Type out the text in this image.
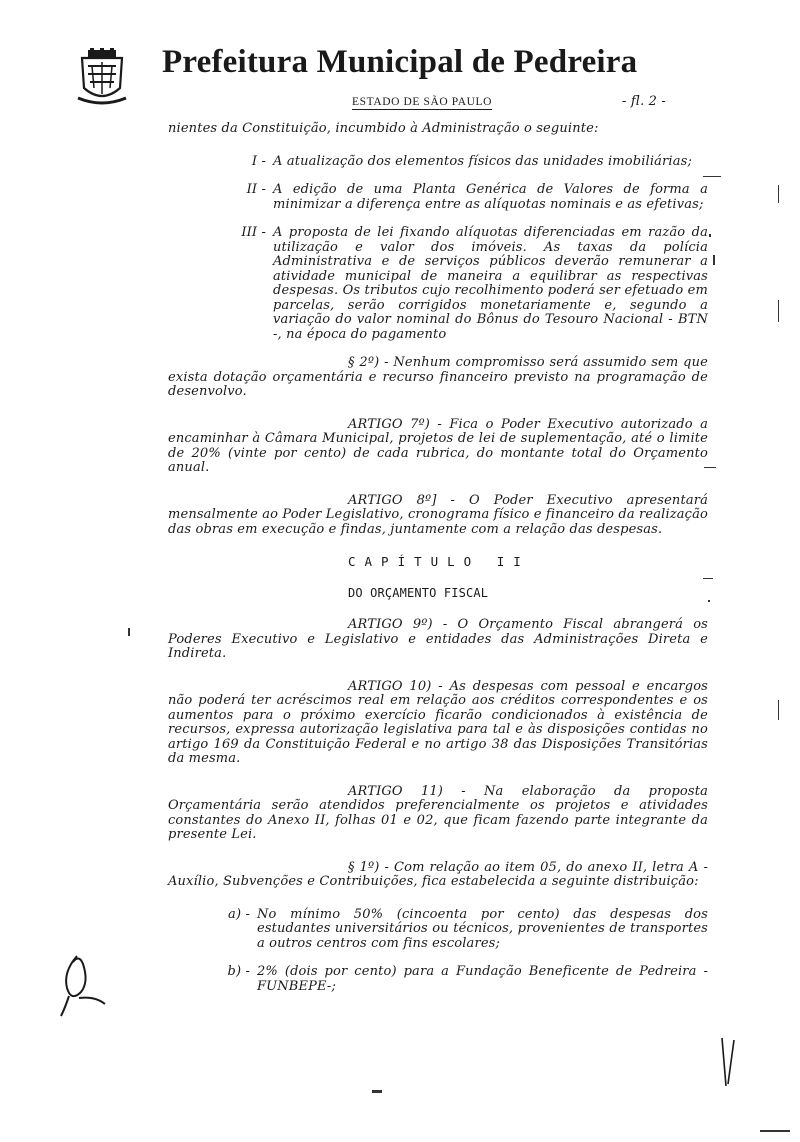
Prefeitura Municipal de Pedreira
ESTADO DE SÃO PAULO	- fl. 2 -

nientes da Constituição, incumbido à Administração o seguinte:

I - A atualização dos elementos físicos das unidades imobiliárias;
II - A edição de uma Planta Genérica de Valores de forma a minimizar a diferença entre as alíquotas nominais e as efetivas;
III - A proposta de lei fixando alíquotas diferenciadas em razão da utilização e valor dos imóveis. As taxas da polícia Administrativa e de serviços públicos deverão remunerar a atividade municipal de maneira a equilibrar as respectivas despesas. Os tributos cujo recolhimento poderá ser efetuado em parcelas, serão corrigidos monetariamente e, segundo a variação do valor nominal do Bônus do Tesouro Nacional - BTN -, na época do pagamento

§ 2º) - Nenhum compromisso será assumido sem que exista dotação orçamentária e recurso financeiro previsto na programação de desenvolvo.

ARTIGO 7º) - Fica o Poder Executivo autorizado a encaminhar à Câmara Municipal, projetos de lei de suplementação, até o limite de 20% (vinte por cento) de cada rubrica, do montante total do Orçamento anual.

ARTIGO 8º] - O Poder Executivo apresentará mensalmente ao Poder Legislativo, cronograma físico e financeiro da realização das obras em execução e findas, juntamente com a relação das despesas.

CAPÍTULO II
DO ORÇAMENTO FISCAL

ARTIGO 9º) - O Orçamento Fiscal abrangerá os Poderes Executivo e Legislativo e entidades das Administrações Direta e Indireta.

ARTIGO 10) - As despesas com pessoal e encargos não poderá ter acréscimos real em relação aos créditos correspondentes e os aumentos para o próximo exercício ficarão condicionados à existência de recursos, expressa autorização legislativa para tal e às disposições contidas no artigo 169 da Constituição Federal e no artigo 38 das Disposições Transitórias da mesma.

ARTIGO 11) - Na elaboração da proposta Orçamentária serão atendidos preferencialmente os projetos e atividades constantes do Anexo II, folhas 01 e 02, que ficam fazendo parte integrante da presente Lei.

§ 1º) - Com relação ao item 05, do anexo II, letra A - Auxílio, Subvenções e Contribuições, fica estabelecida a seguinte distribuição:

a) - No mínimo 50% (cincoenta por cento) das despesas dos estudantes universitários ou técnicos, provenientes de transportes a outros centros com fins escolares;
b) - 2% (dois por cento) para a Fundação Beneficente de Pedreira -FUNBEPE-;
